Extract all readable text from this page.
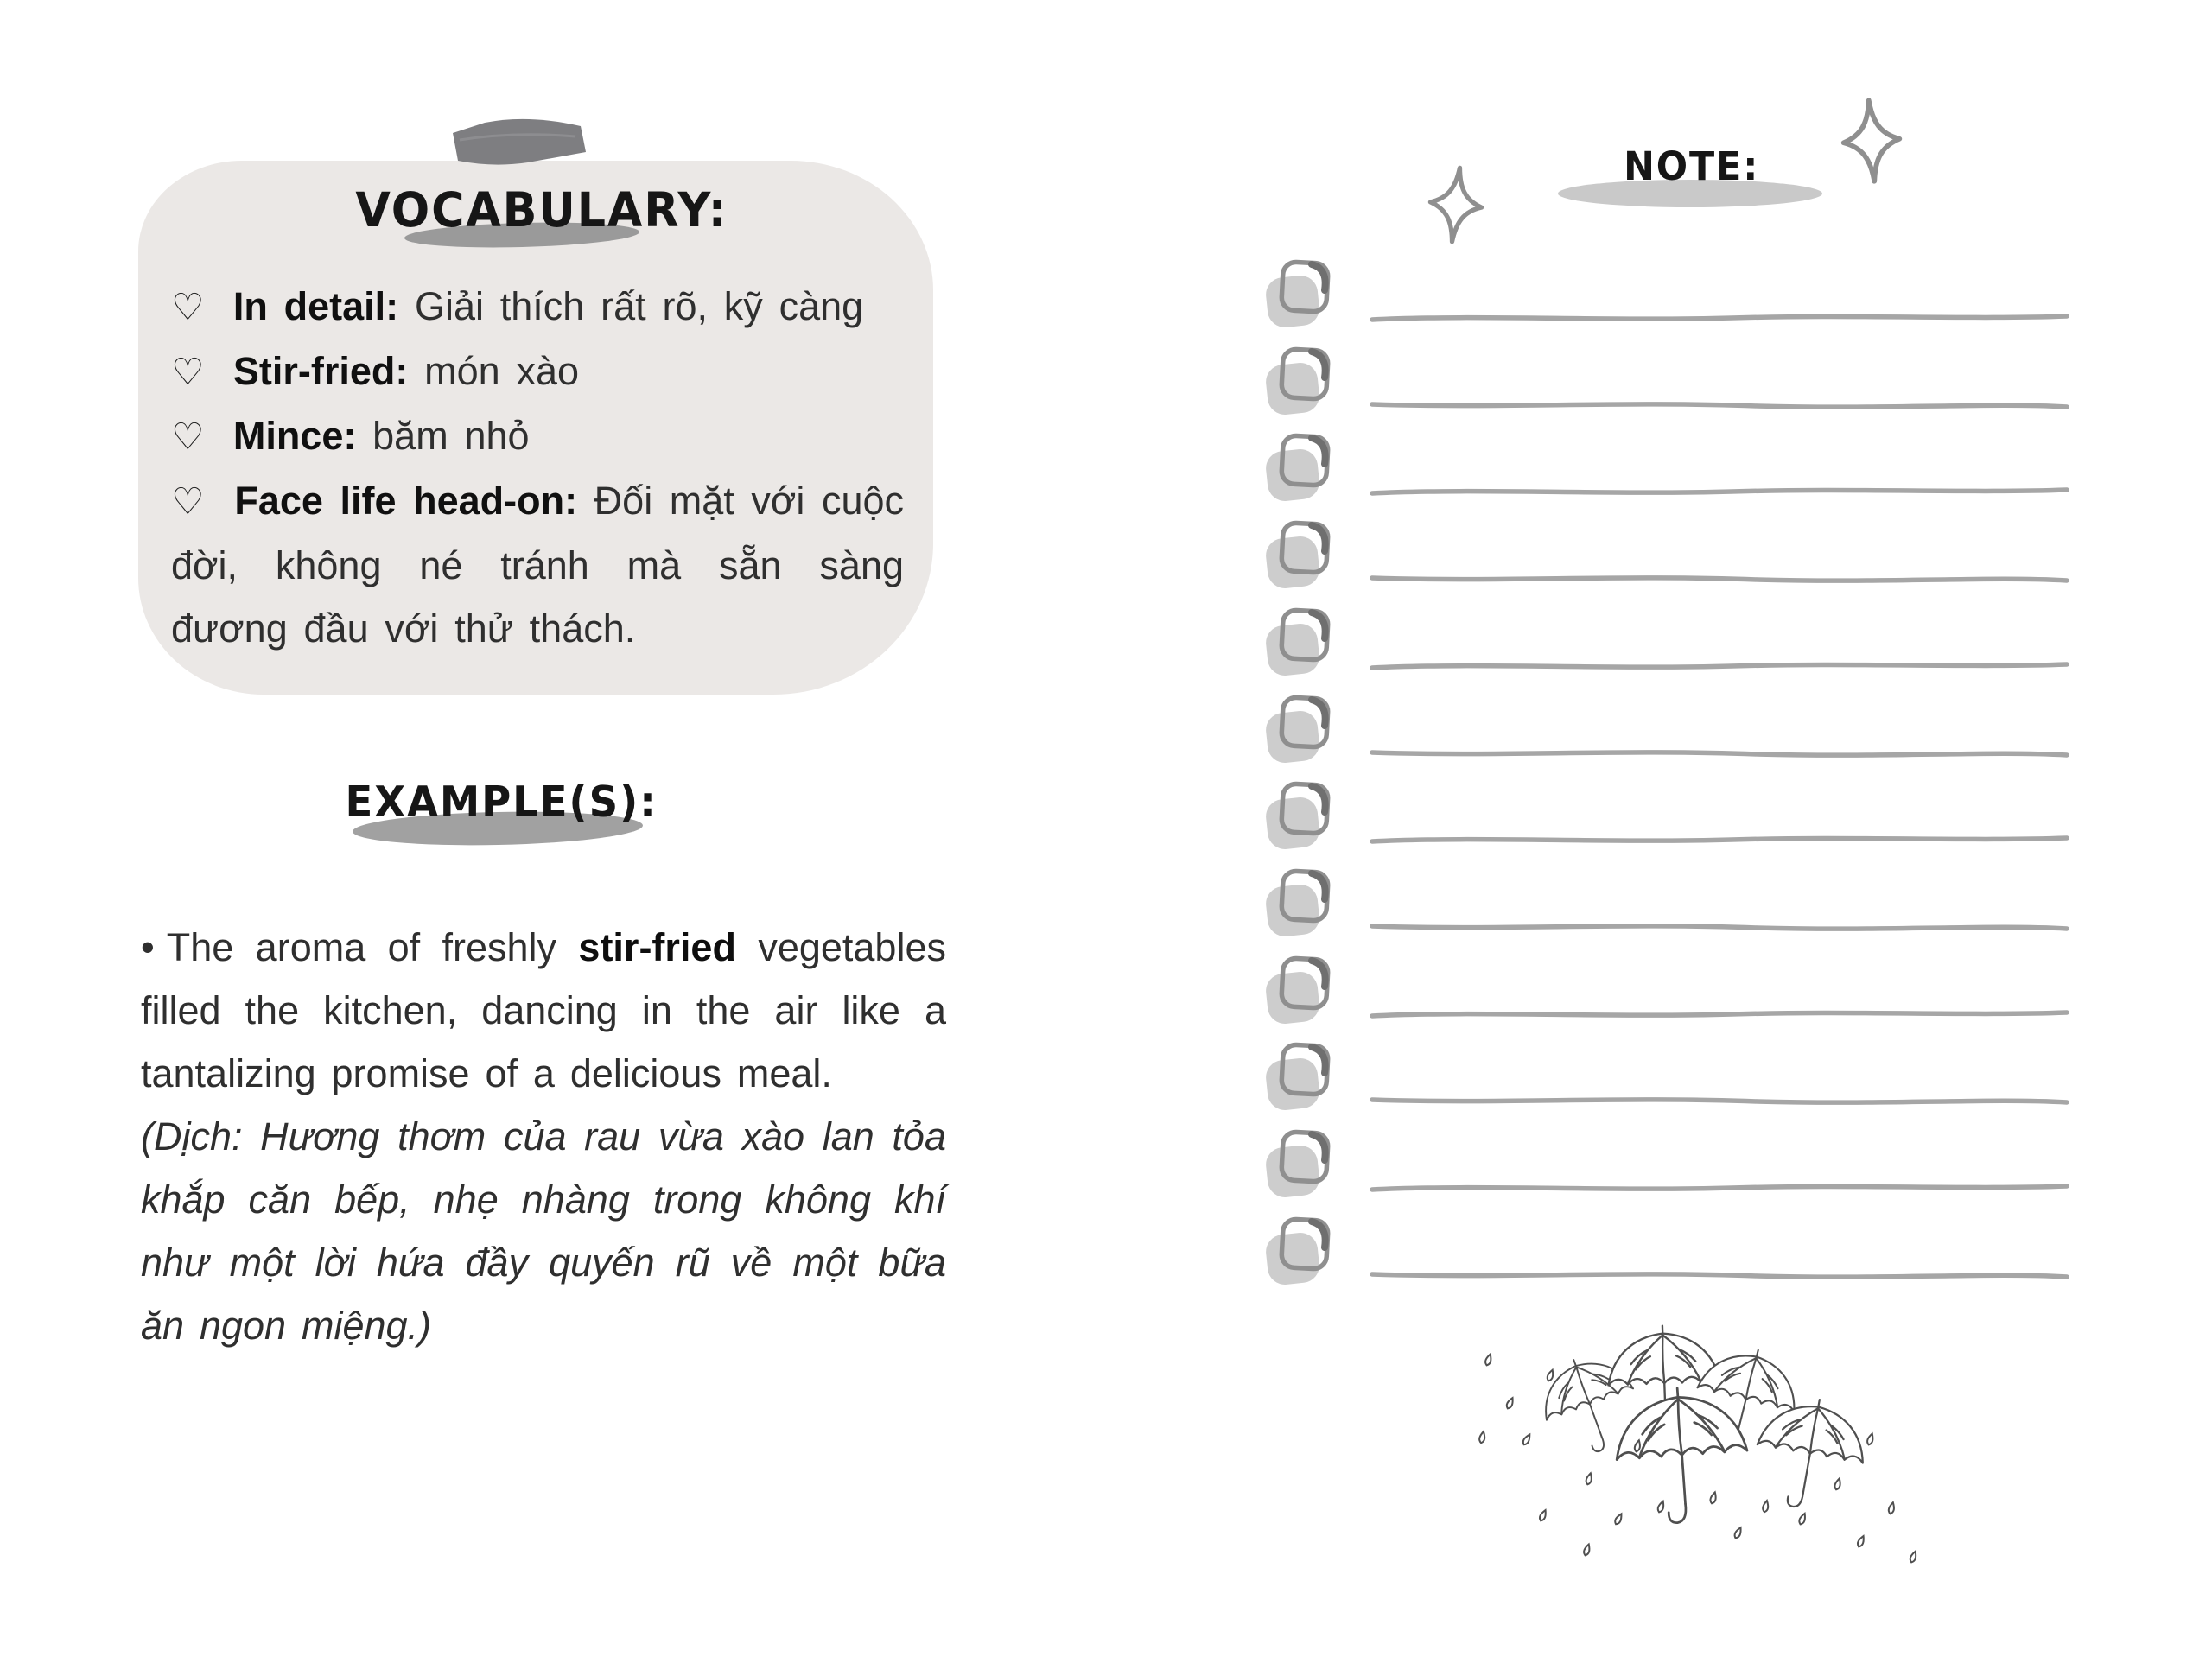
VOCABULARY:

♡ In detail: Giải thích rất rõ, kỹ càng

♡ Stir-fried: món xào

♡ Mince: băm nhỏ

♡ Face life head-on: Đối mặt với cuộc đời, không né tránh mà sẵn sàng đương đầu với thử thách.

EXAMPLE(S):

• The aroma of freshly stir-fried vegetables filled the kitchen, dancing in the air like a tantalizing promise of a delicious meal.

(Dịch: Hương thơm của rau vừa xào lan tỏa khắp căn bếp, nhẹ nhàng trong không khí như một lời hứa đầy quyến rũ về một bữa ăn ngon miệng.)

NOTE:
